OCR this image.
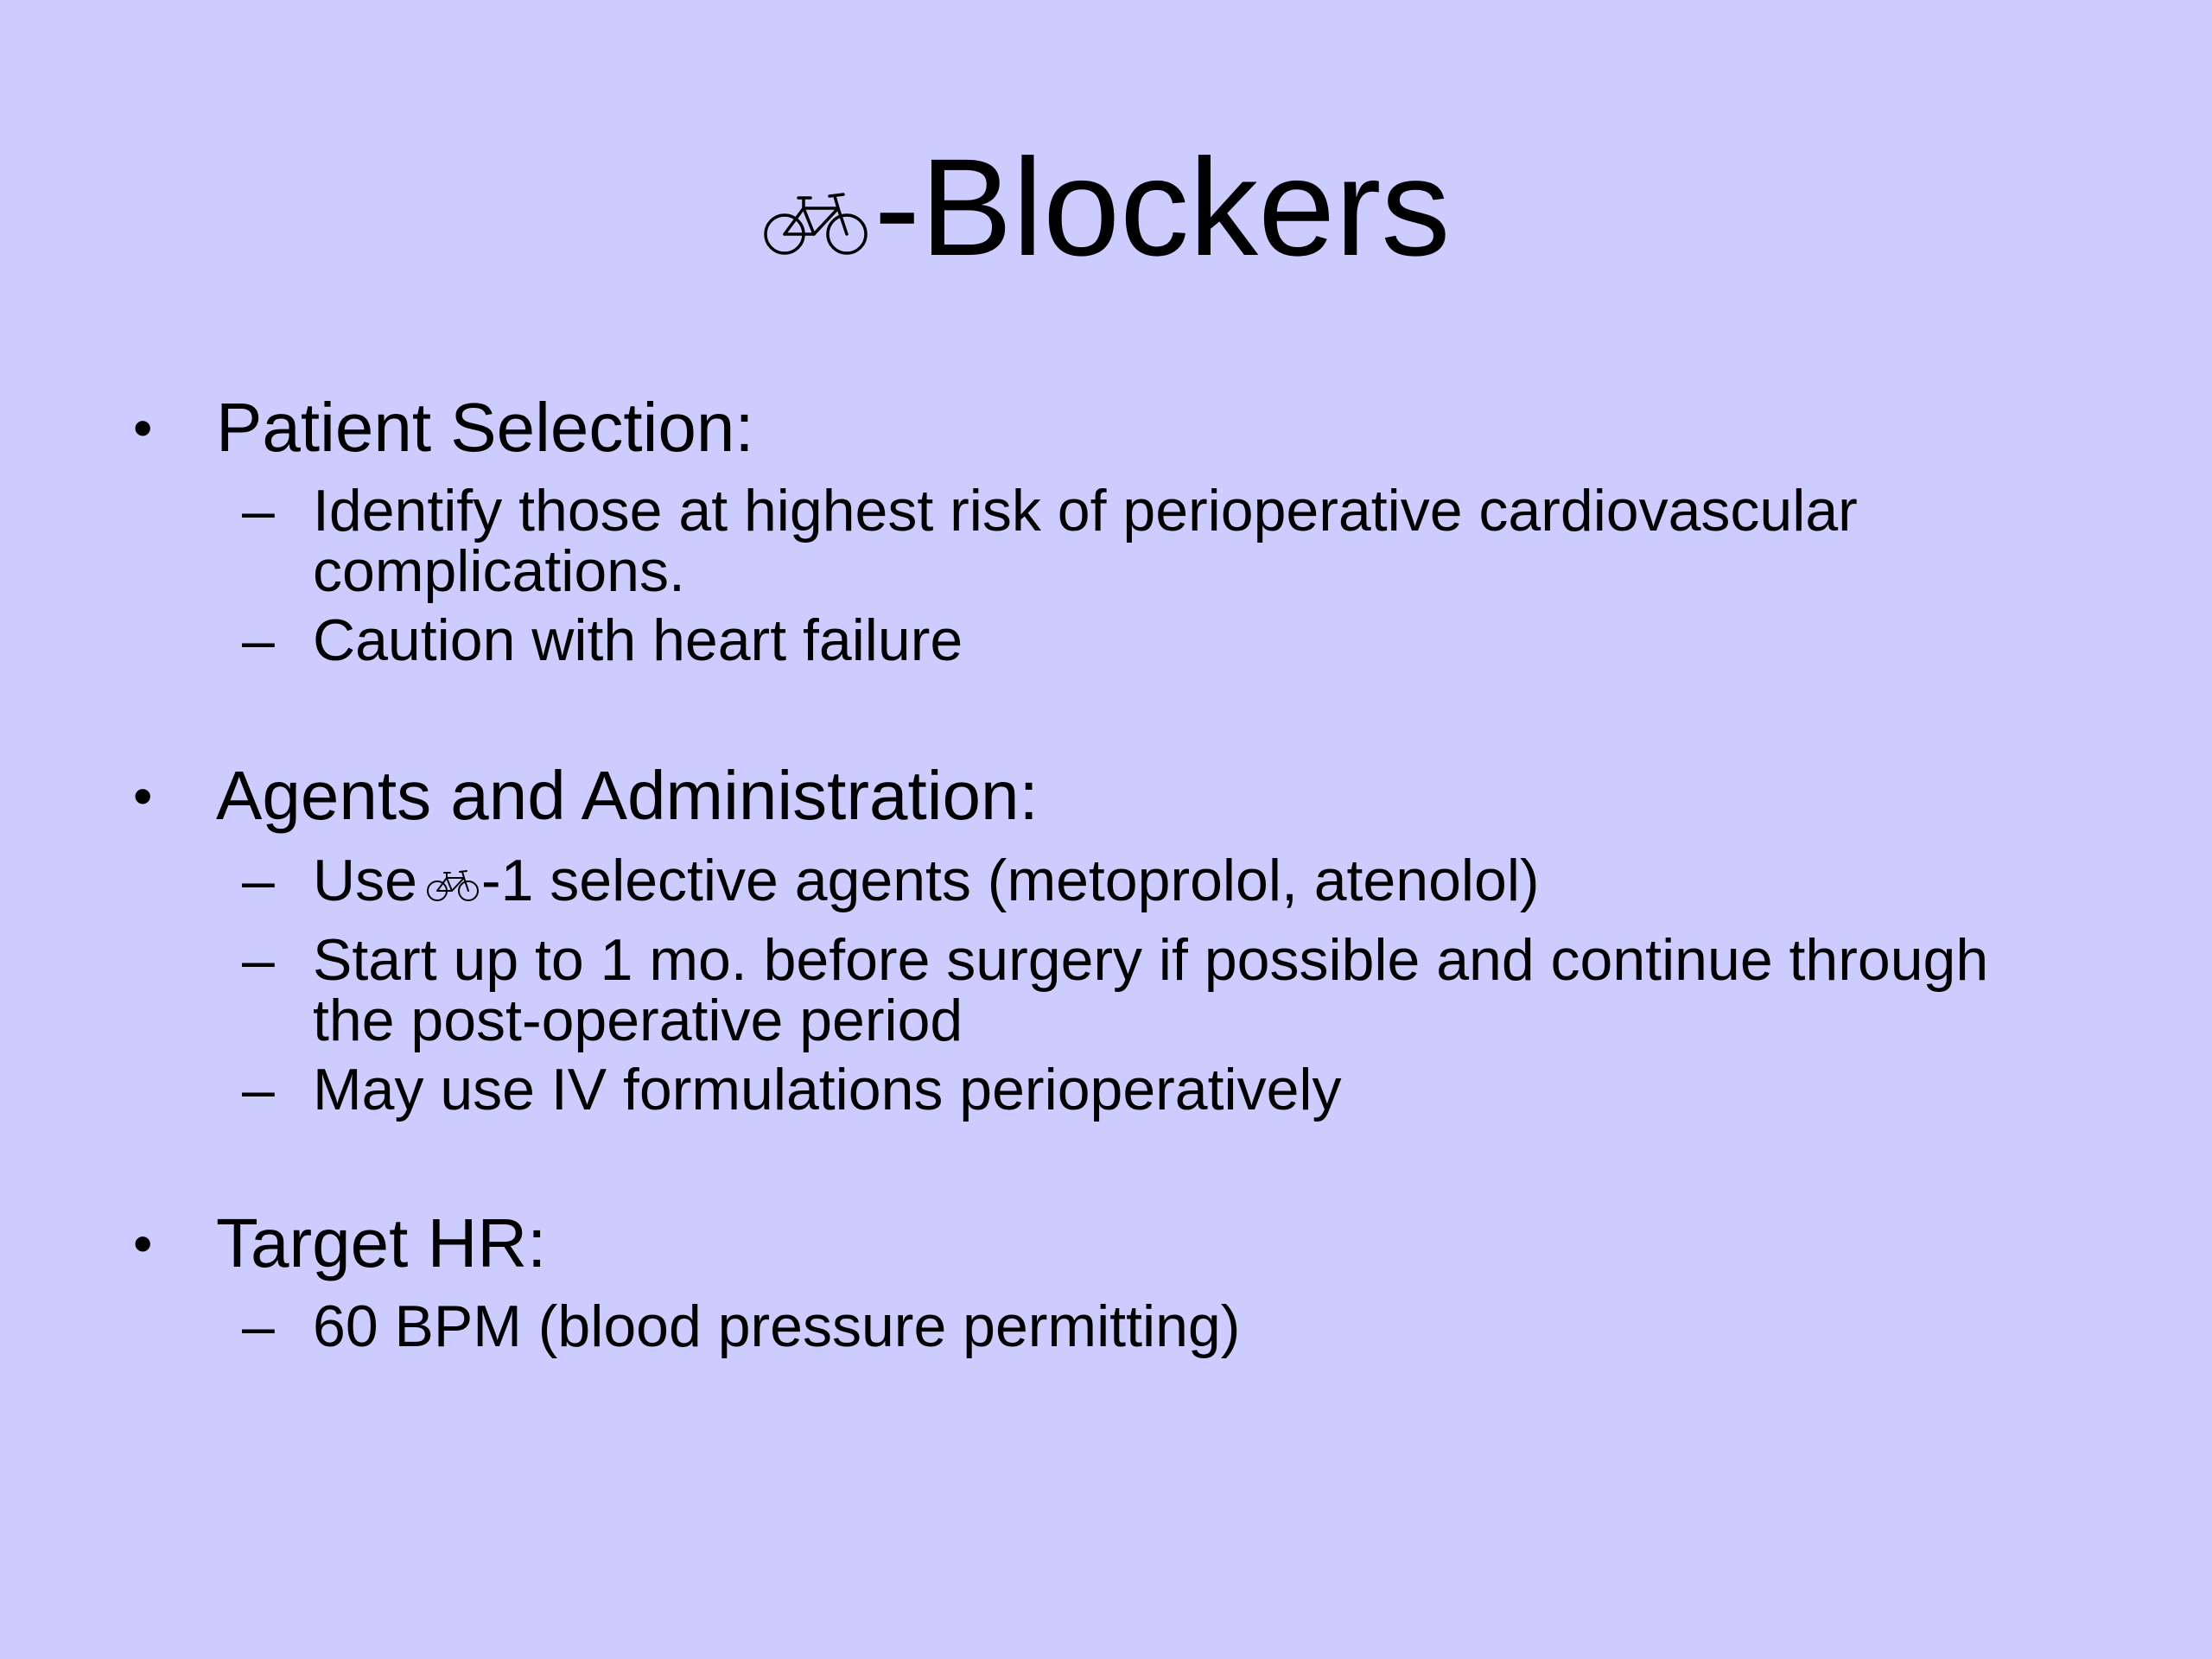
-Blockers
• Patient Selection:
– Identify those at highest risk of perioperative cardiovascular
complications.
– Caution with heart failure
• Agents and Administration:
– Use -1 selective agents (metoprolol, atenolol)
– Start up to 1 mo. before surgery if possible and continue through
the post-operative period
– May use IV formulations perioperatively
• Target HR:
– 60 BPM (blood pressure permitting)
